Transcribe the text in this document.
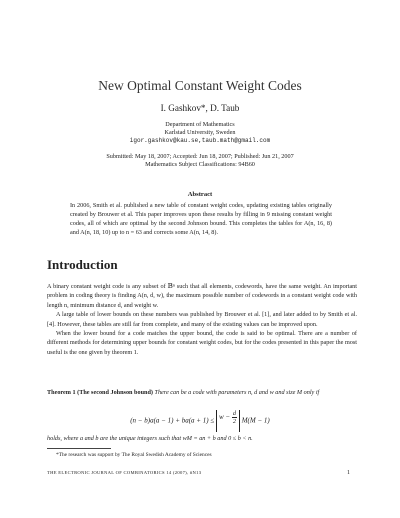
New Optimal Constant Weight Codes
I. Gashkov*, D. Taub
Department of Mathematics
Karlstad University, Sweden
igor.gashkov@kau.se,taub.math@gmail.com
Submitted: May 18, 2007; Accepted: Jun 18, 2007; Published: Jun 21, 2007
Mathematics Subject Classifications: 94B60
Abstract
In 2006, Smith et al. published a new table of constant weight codes, updating existing tables originally created by Brouwer et al. This paper improves upon these results by filling in 9 missing constant weight codes, all of which are optimal by the second Johnson bound. This completes the tables for A(n, 16, 8) and A(n, 18, 10) up to n = 63 and corrects some A(n, 14, 8).
Introduction

A binary constant weight code is any subset of 𝔹ⁿ such that all elements, codewords, have the same weight. An important problem in coding theory is finding A(n, d, w), the maximum possible number of codewords in a constant weight code with length n, minimum distance d, and weight w.

A large table of lower bounds on these numbers was published by Brouwer et al. [1], and later added to by Smith et al. [4]. However, these tables are still far from complete, and many of the existing values can be improved upon.

When the lower bound for a code matches the upper bound, the code is said to be optimal. There are a number of different methods for determining upper bounds for constant weight codes, but for the codes presented in this paper the most useful is the one given by theorem 1.

Theorem 1 (The second Johnson bound) There can be a code with parameters n, d and w and size M only if
$(n - b)a(a - 1) + ba(a + 1) \le w - \frac{d}{2} M(M - 1)$
holds, where a and b are the unique integers such that wM = an + b and 0 ≤ b < n.
*The research was support by The Royal Swedish Academy of Sciences
THE ELECTRONIC JOURNAL OF COMBINATORICS 14 (2007), #N13	1
